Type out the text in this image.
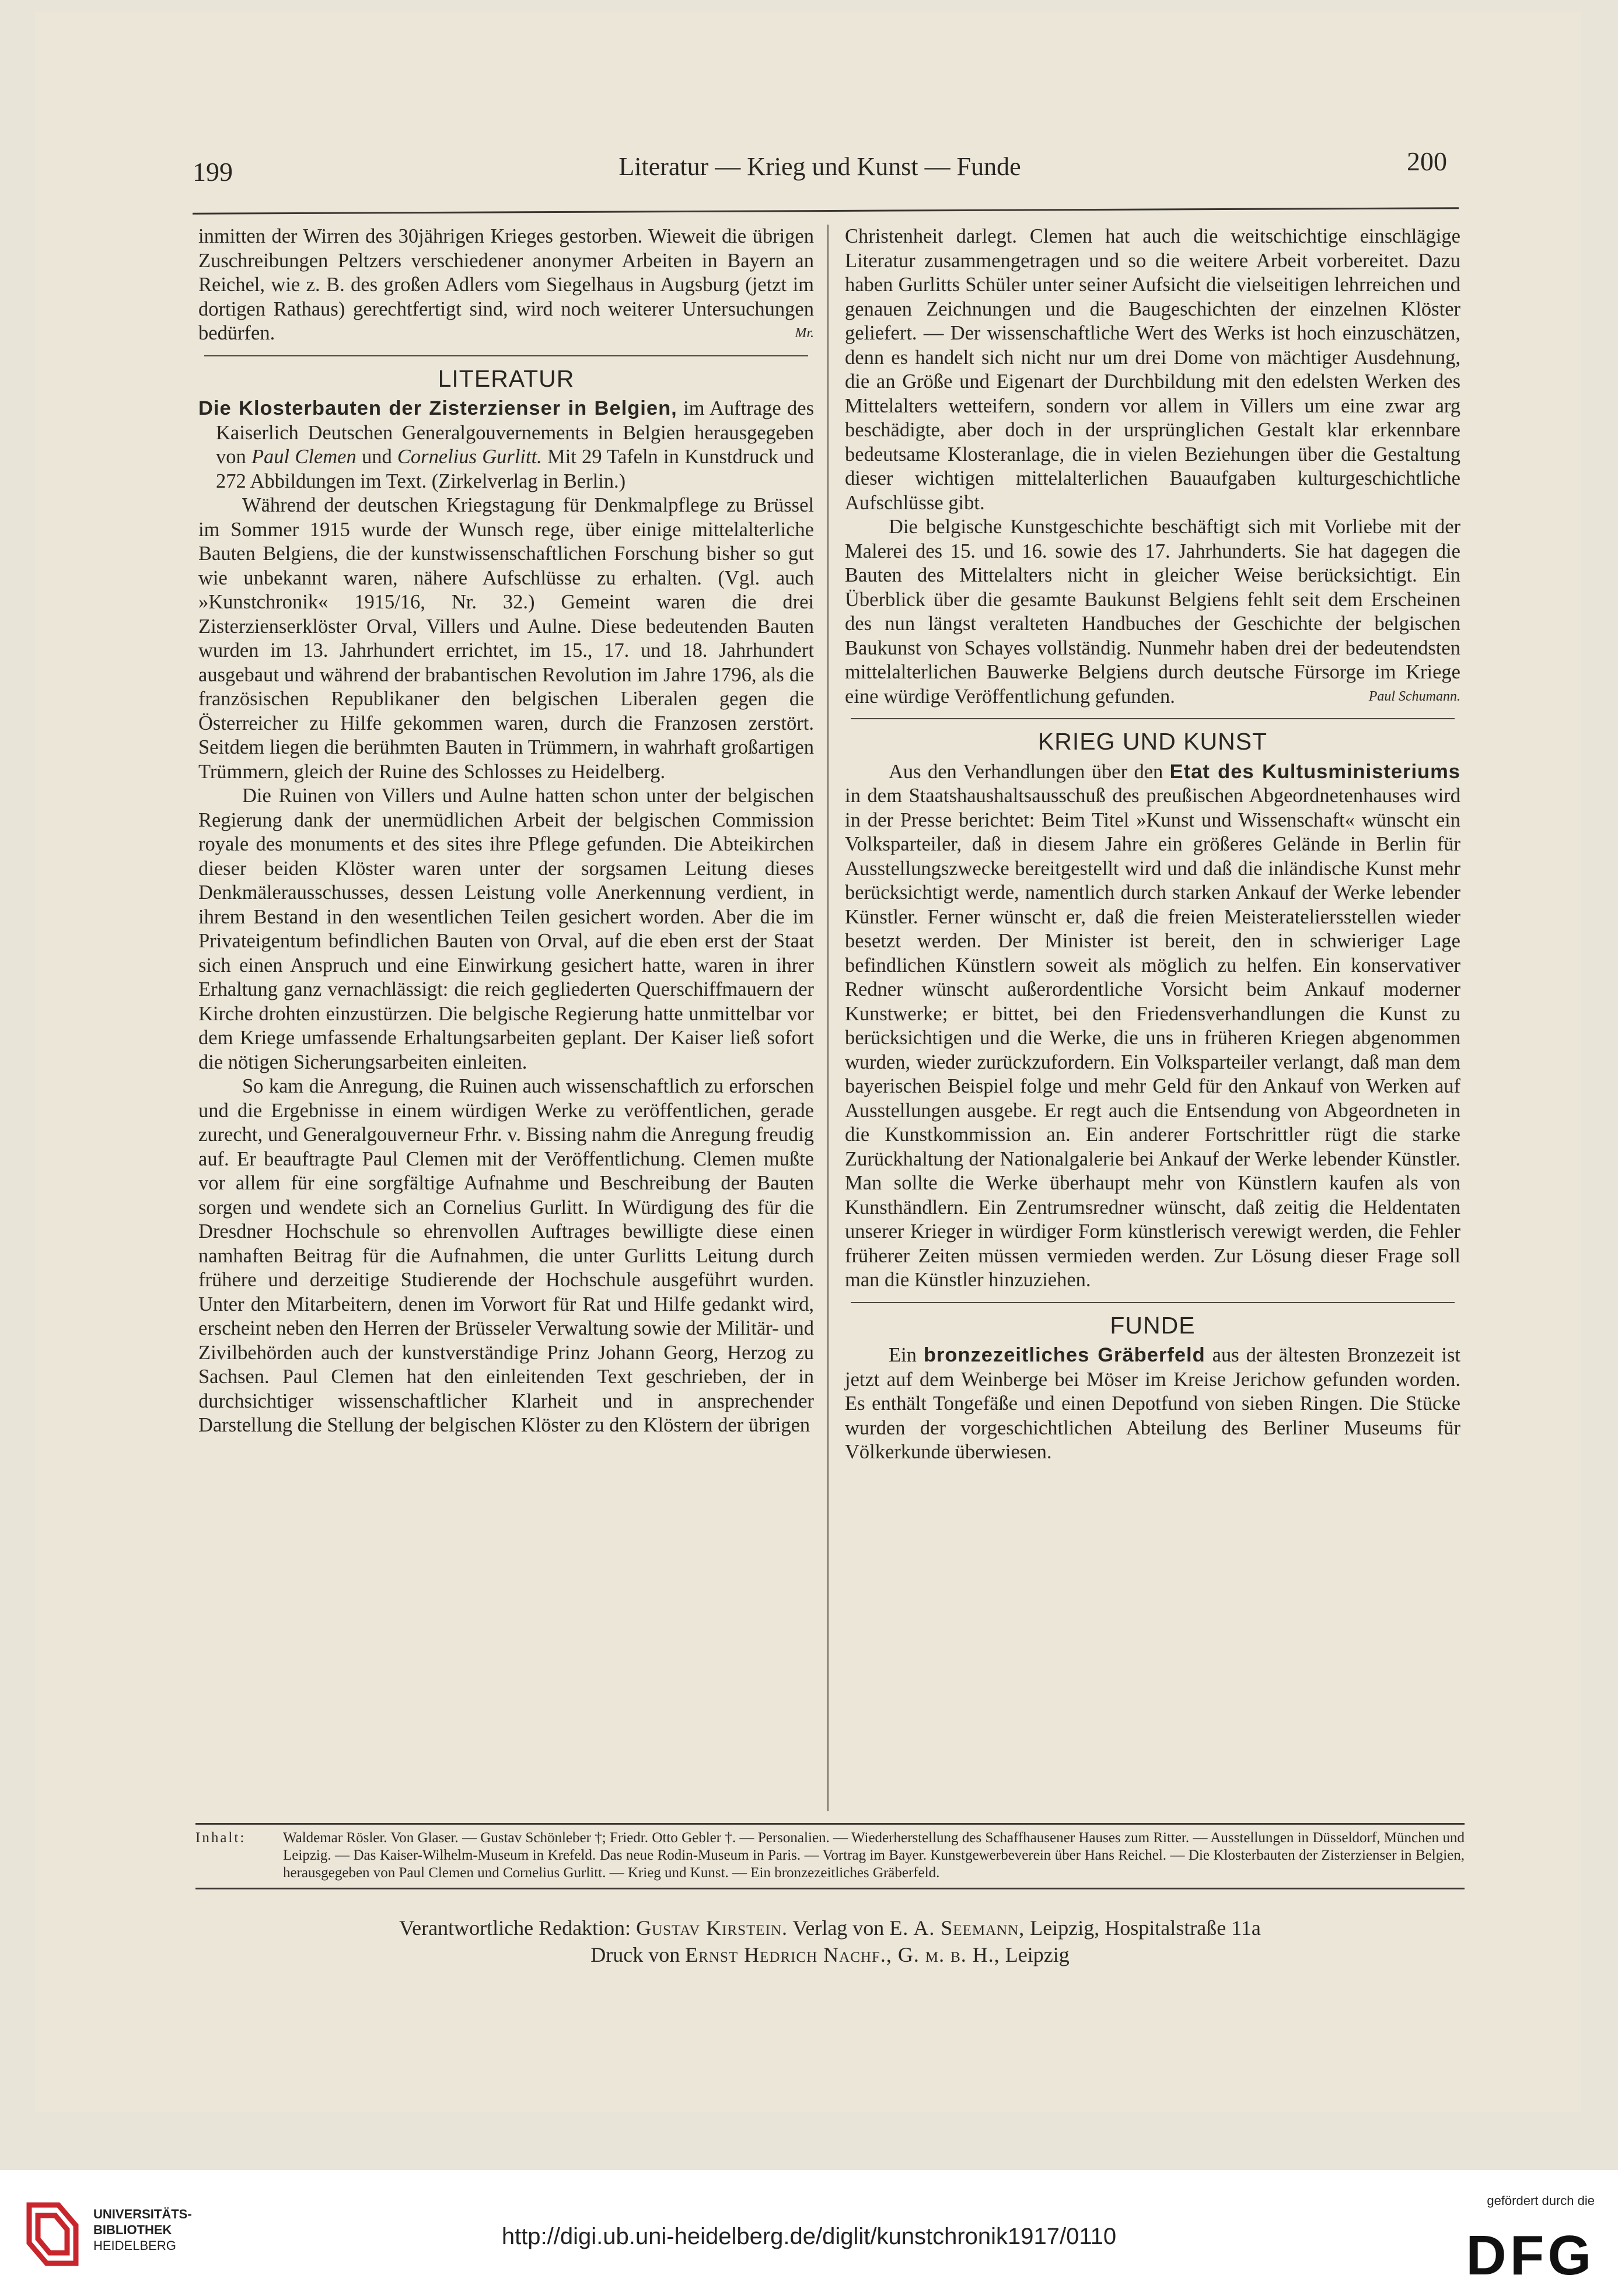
199	Literatur — Krieg und Kunst — Funde	200

inmitten der Wirren des 30jährigen Krieges gestorben. Wieweit die übrigen Zuschreibungen Peltzers verschiedener anonymer Arbeiten in Bayern an Reichel, wie z. B. des großen Adlers vom Siegelhaus in Augsburg (jetzt im dortigen Rathaus) gerechtfertigt sind, wird noch weiterer Untersuchungen bedürfen.	Mr.

LITERATUR

Die Klosterbauten der Zisterzienser in Belgien, im Auftrage des Kaiserlich Deutschen Generalgouvernements in Belgien herausgegeben von Paul Clemen und Cornelius Gurlitt. Mit 29 Tafeln in Kunstdruck und 272 Abbildungen im Text. (Zirkelverlag in Berlin.)

Während der deutschen Kriegstagung für Denkmalpflege zu Brüssel im Sommer 1915 wurde der Wunsch rege, über einige mittelalterliche Bauten Belgiens, die der kunstwissenschaftlichen Forschung bisher so gut wie unbekannt waren, nähere Aufschlüsse zu erhalten. (Vgl. auch »Kunstchronik« 1915/16, Nr. 32.) Gemeint waren die drei Zisterzienserklöster Orval, Villers und Aulne. Diese bedeutenden Bauten wurden im 13. Jahrhundert errichtet, im 15., 17. und 18. Jahrhundert ausgebaut und während der brabantischen Revolution im Jahre 1796, als die französischen Republikaner den belgischen Liberalen gegen die Österreicher zu Hilfe gekommen waren, durch die Franzosen zerstört. Seitdem liegen die berühmten Bauten in Trümmern, in wahrhaft großartigen Trümmern, gleich der Ruine des Schlosses zu Heidelberg.

Die Ruinen von Villers und Aulne hatten schon unter der belgischen Regierung dank der unermüdlichen Arbeit der belgischen Commission royale des monuments et des sites ihre Pflege gefunden. Die Abteikirchen dieser beiden Klöster waren unter der sorgsamen Leitung dieses Denkmälerausschusses, dessen Leistung volle Anerkennung verdient, in ihrem Bestand in den wesentlichen Teilen gesichert worden. Aber die im Privateigentum befindlichen Bauten von Orval, auf die eben erst der Staat sich einen Anspruch und eine Einwirkung gesichert hatte, waren in ihrer Erhaltung ganz vernachlässigt: die reich gegliederten Querschiffmauern der Kirche drohten einzustürzen. Die belgische Regierung hatte unmittelbar vor dem Kriege umfassende Erhaltungsarbeiten geplant. Der Kaiser ließ sofort die nötigen Sicherungsarbeiten einleiten.

So kam die Anregung, die Ruinen auch wissenschaftlich zu erforschen und die Ergebnisse in einem würdigen Werke zu veröffentlichen, gerade zurecht, und Generalgouverneur Frhr. v. Bissing nahm die Anregung freudig auf. Er beauftragte Paul Clemen mit der Veröffentlichung. Clemen mußte vor allem für eine sorgfältige Aufnahme und Beschreibung der Bauten sorgen und wendete sich an Cornelius Gurlitt. In Würdigung des für die Dresdner Hochschule so ehrenvollen Auftrages bewilligte diese einen namhaften Beitrag für die Aufnahmen, die unter Gurlitts Leitung durch frühere und derzeitige Studierende der Hochschule ausgeführt wurden. Unter den Mitarbeitern, denen im Vorwort für Rat und Hilfe gedankt wird, erscheint neben den Herren der Brüsseler Verwaltung sowie der Militär- und Zivilbehörden auch der kunstverständige Prinz Johann Georg, Herzog zu Sachsen. Paul Clemen hat den einleitenden Text geschrieben, der in durchsichtiger wissenschaftlicher Klarheit und in ansprechender Darstellung die Stellung der belgischen Klöster zu den Klöstern der übrigen

Christenheit darlegt. Clemen hat auch die weitschichtige einschlägige Literatur zusammengetragen und so die weitere Arbeit vorbereitet. Dazu haben Gurlitts Schüler unter seiner Aufsicht die vielseitigen lehrreichen und genauen Zeichnungen und die Baugeschichten der einzelnen Klöster geliefert. — Der wissenschaftliche Wert des Werks ist hoch einzuschätzen, denn es handelt sich nicht nur um drei Dome von mächtiger Ausdehnung, die an Größe und Eigenart der Durchbildung mit den edelsten Werken des Mittelalters wetteifern, sondern vor allem in Villers um eine zwar arg beschädigte, aber doch in der ursprünglichen Gestalt klar erkennbare bedeutsame Klosteranlage, die in vielen Beziehungen über die Gestaltung dieser wichtigen mittelalterlichen Bauaufgaben kulturgeschichtliche Aufschlüsse gibt.

Die belgische Kunstgeschichte beschäftigt sich mit Vorliebe mit der Malerei des 15. und 16. sowie des 17. Jahrhunderts. Sie hat dagegen die Bauten des Mittelalters nicht in gleicher Weise berücksichtigt. Ein Überblick über die gesamte Baukunst Belgiens fehlt seit dem Erscheinen des nun längst veralteten Handbuches der Geschichte der belgischen Baukunst von Schayes vollständig. Nunmehr haben drei der bedeutendsten mittelalterlichen Bauwerke Belgiens durch deutsche Fürsorge im Kriege eine würdige Veröffentlichung gefunden.	Paul Schumann.

KRIEG UND KUNST

Aus den Verhandlungen über den Etat des Kultusministeriums in dem Staatshaushaltsausschuß des preußischen Abgeordnetenhauses wird in der Presse berichtet: Beim Titel »Kunst und Wissenschaft« wünscht ein Volksparteiler, daß in diesem Jahre ein größeres Gelände in Berlin für Ausstellungszwecke bereitgestellt wird und daß die inländische Kunst mehr berücksichtigt werde, namentlich durch starken Ankauf der Werke lebender Künstler. Ferner wünscht er, daß die freien Meisterateliersstellen wieder besetzt werden. Der Minister ist bereit, den in schwieriger Lage befindlichen Künstlern soweit als möglich zu helfen. Ein konservativer Redner wünscht außerordentliche Vorsicht beim Ankauf moderner Kunstwerke; er bittet, bei den Friedensverhandlungen die Kunst zu berücksichtigen und die Werke, die uns in früheren Kriegen abgenommen wurden, wieder zurückzufordern. Ein Volksparteiler verlangt, daß man dem bayerischen Beispiel folge und mehr Geld für den Ankauf von Werken auf Ausstellungen ausgebe. Er regt auch die Entsendung von Abgeordneten in die Kunstkommission an. Ein anderer Fortschrittler rügt die starke Zurückhaltung der Nationalgalerie bei Ankauf der Werke lebender Künstler. Man sollte die Werke überhaupt mehr von Künstlern kaufen als von Kunsthändlern. Ein Zentrumsredner wünscht, daß zeitig die Heldentaten unserer Krieger in würdiger Form künstlerisch verewigt werden, die Fehler früherer Zeiten müssen vermieden werden. Zur Lösung dieser Frage soll man die Künstler hinzuziehen.

FUNDE

Ein bronzezeitliches Gräberfeld aus der ältesten Bronzezeit ist jetzt auf dem Weinberge bei Möser im Kreise Jerichow gefunden worden. Es enthält Tongefäße und einen Depotfund von sieben Ringen. Die Stücke wurden der vorgeschichtlichen Abteilung des Berliner Museums für Völkerkunde überwiesen.

Inhalt:	Waldemar Rösler. Von Glaser. — Gustav Schönleber †; Friedr. Otto Gebler †. — Personalien. — Wiederherstellung des Schaffhausener Hauses zum Ritter. — Ausstellungen in Düsseldorf, München und Leipzig. — Das Kaiser-Wilhelm-Museum in Krefeld. Das neue Rodin-Museum in Paris. — Vortrag im Bayer. Kunstgewerbeverein über Hans Reichel. — Die Klosterbauten der Zisterzienser in Belgien, herausgegeben von Paul Clemen und Cornelius Gurlitt. — Krieg und Kunst. — Ein bronzezeitliches Gräberfeld.
Verantwortliche Redaktion: Gustav Kirstein. Verlag von E. A. Seemann, Leipzig, Hospitalstraße 11a
Druck von Ernst Hedrich Nachf., G. m. b. H., Leipzig
UNIVERSITÄTS-
BIBLIOTHEK
HEIDELBERG	http://digi.ub.uni-heidelberg.de/diglit/kunstchronik1917/0110
gefördert durch die
DFG
